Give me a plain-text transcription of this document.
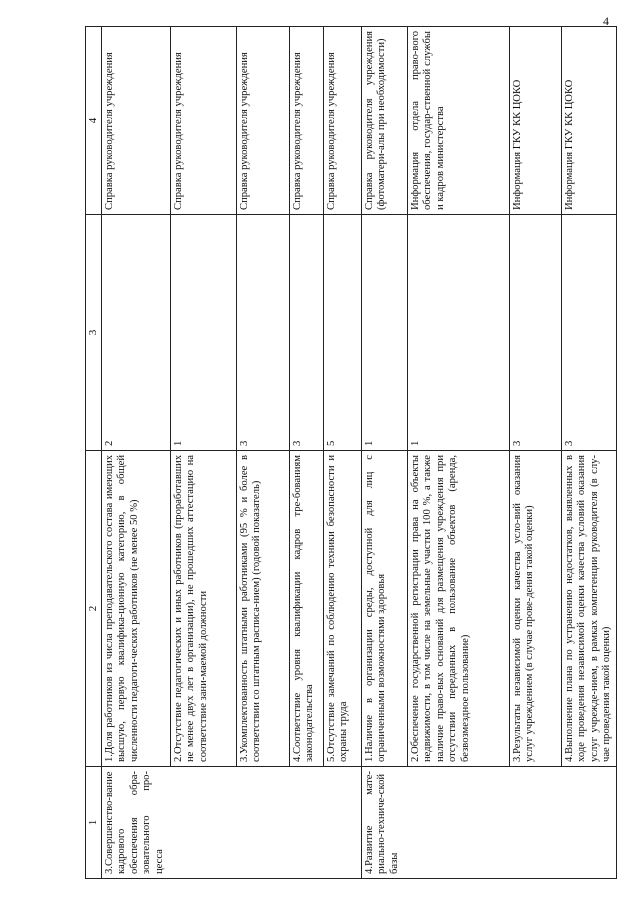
4
1	2	3	4
3.Совершенство-вание кадрового обеспечения обра-зовательного про-цесса	1.Доля работников из числа преподавательского состава имеющих высшую, первую квалифика-ционную категорию, в общей численности педагоги-ческих работников (не менее 50 %)	2	Справка руководителя учреждения
	2.Отсутствие педагогических и иных работников (проработавших не менее двух лет в организации), не прошедших аттестацию на соответствие зани-маемой должности	1	Справка руководителя учреждения
	3.Укомплектованность штатными работниками (95 % и более в соответствии со штатным расписа-нием) (годовой показатель)	3	Справка руководителя учреждения
	4.Соответствие уровня квалификации кадров тре-бованиям законодательства	3	Справка руководителя учреждения
	5.Отсутствие замечаний по соблюдению техники безопасности и охраны труда	5	Справка руководителя учреждения
4.Развитие мате-риально-техниче-ской базы	1.Наличие в организации среды, доступной для лиц с ограниченными возможностями здоровья	1	Справка руководителя учреждения (фотоматери-алы при необходимости)
	2.Обеспечение государственной регистрации права на объекты недвижимости, в том числе на земельные участки 100 %, а также наличие право-вых оснований для размещения учреждения при отсутствии переданных в пользование объектов (аренда, безвозмездное пользование)	1	Информация отдела право-вого обеспечения, государ-ственной службы и кадров министерства
	3.Результаты независимой оценки качества усло-вий оказания услуг учреждением (в случае прове-дения такой оценки)	3	Информация ГКУ КК ЦОКО
	4.Выполнение плана по устранению недостатков, выявленных в ходе проведения независимой оценки качества условий оказания услуг учрежде-нием, в рамках компетенции руководителя (в слу-чае проведения такой оценки)	3	Информация ГКУ КК ЦОКО
